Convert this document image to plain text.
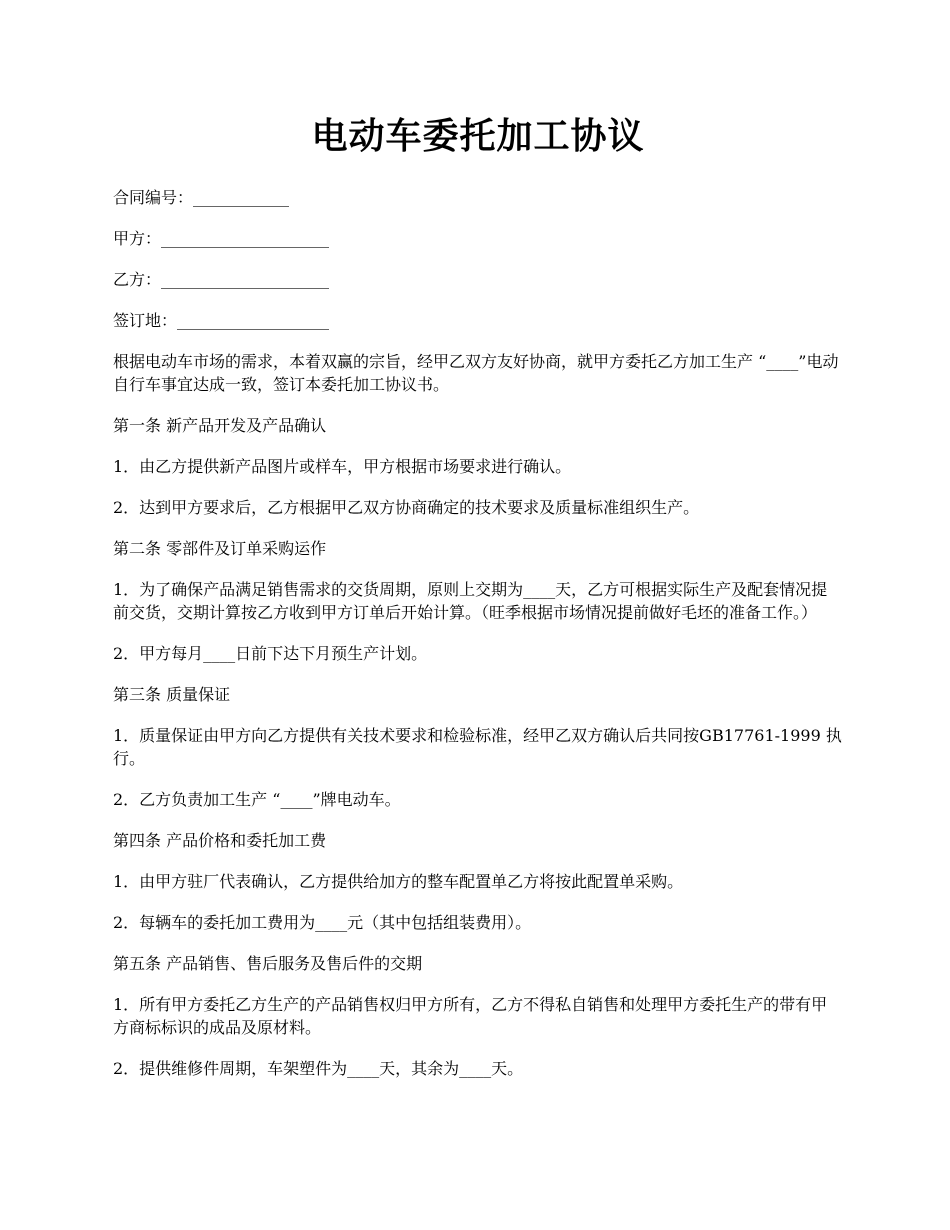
电动车委托加工协议

合同编号：____________

甲方：_____________________

乙方：_____________________

签订地：___________________

根据电动车市场的需求，本着双赢的宗旨，经甲乙双方友好协商，就甲方委托乙方加工生产 “____”电动自行车事宜达成一致，签订本委托加工协议书。

第一条 新产品开发及产品确认

1．由乙方提供新产品图片或样车，甲方根据市场要求进行确认。

2．达到甲方要求后，乙方根据甲乙双方协商确定的技术要求及质量标准组织生产。

第二条 零部件及订单采购运作

1．为了确保产品满足销售需求的交货周期，原则上交期为____天，乙方可根据实际生产及配套情况提前交货，交期计算按乙方收到甲方订单后开始计算。（旺季根据市场情况提前做好毛坯的准备工作。）

2．甲方每月____日前下达下月预生产计划。

第三条 质量保证

1．质量保证由甲方向乙方提供有关技术要求和检验标准，经甲乙双方确认后共同按GB17761-1999 执行。

2．乙方负责加工生产 “____”牌电动车。

第四条 产品价格和委托加工费

1．由甲方驻厂代表确认，乙方提供给加方的整车配置单乙方将按此配置单采购。

2．每辆车的委托加工费用为____元（其中包括组装费用）。

第五条 产品销售、售后服务及售后件的交期

1．所有甲方委托乙方生产的产品销售权归甲方所有，乙方不得私自销售和处理甲方委托生产的带有甲方商标标识的成品及原材料。

2．提供维修件周期，车架塑件为____天，其余为____天。
